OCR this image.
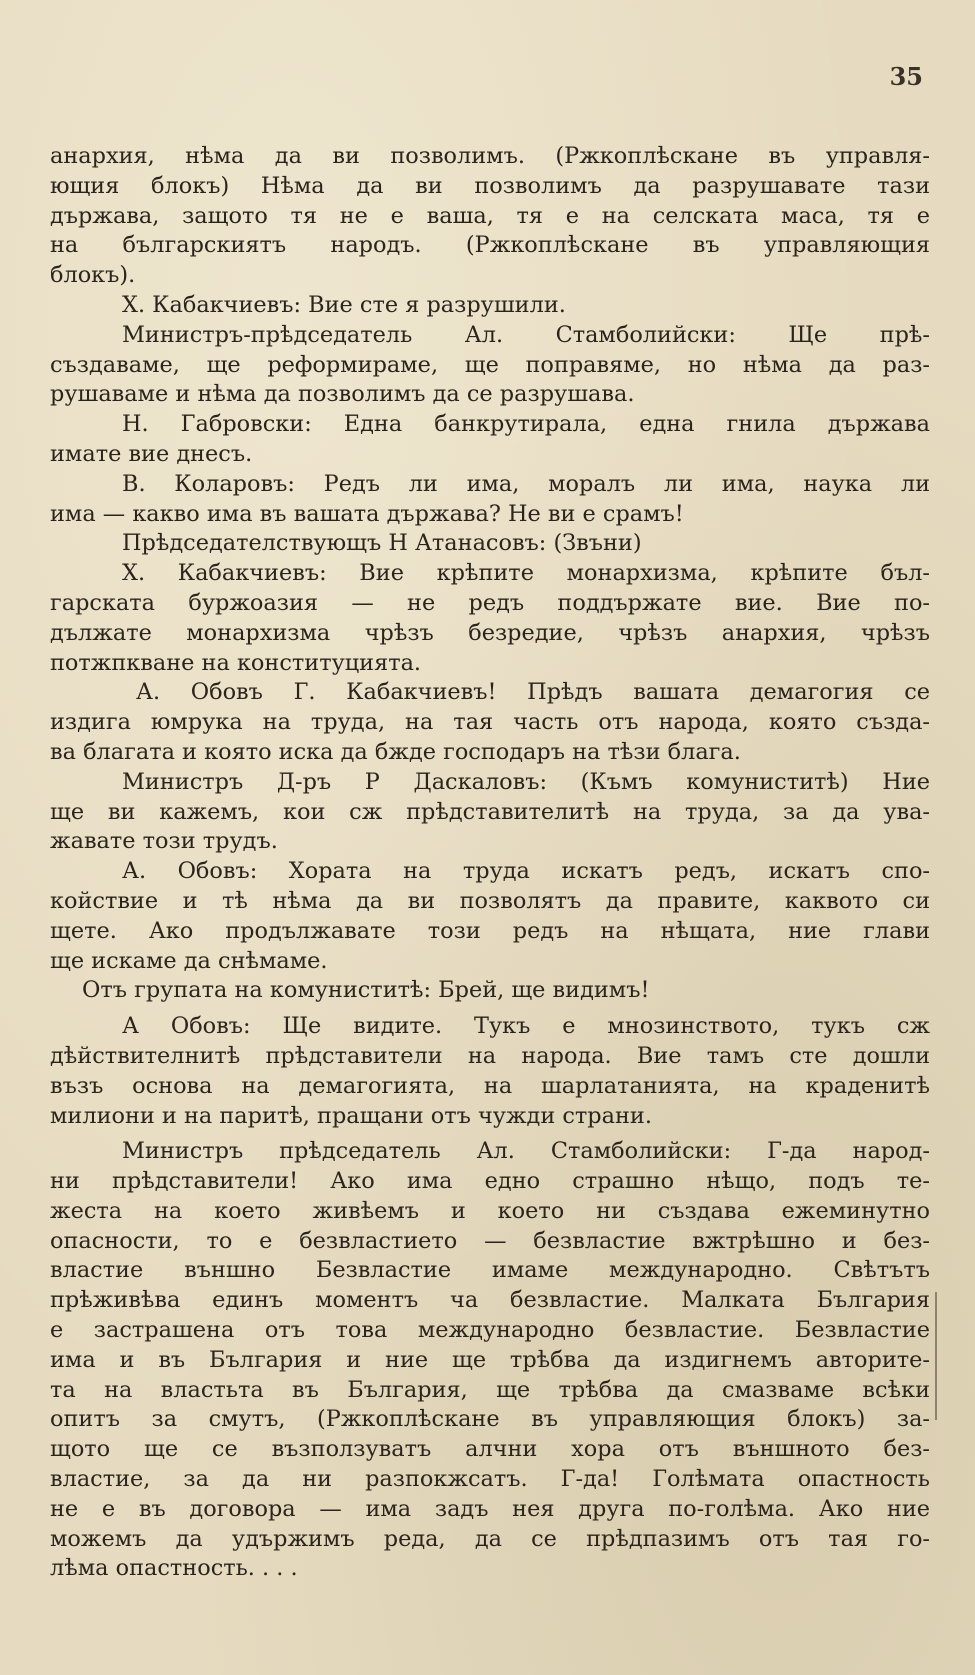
35
анархия, нѣма да ви позволимъ. (Ржкоплѣскане въ управля-
ющия блокъ) Нѣма да ви позволимъ да разрушавате тази
държава, защото тя не е ваша, тя е на селската маса, тя е
на българскиятъ народъ. (Ржкоплѣскане въ управляющия
блокъ).
Х. Кабакчиевъ: Вие сте я разрушили.
Министръ-прѣдседатель Ал. Стамболийски: Ще прѣ-
създаваме, ще реформираме, ще поправяме, но нѣма да раз-
рушаваме и нѣма да позволимъ да се разрушава.
Н. Габровски: Една банкрутирала, една гнила държава
имате вие днесъ.
В. Коларовъ: Редъ ли има, моралъ ли има, наука ли
има — какво има въ вашата държава? Не ви е срамъ!
Прѣдседателствующъ Н Атанасовъ: (Звъни)
Х. Кабакчиевъ: Вие крѣпите монархизма, крѣпите бъл-
гарската буржоазия — не редъ поддържате вие. Вие по-
дължате монархизма чрѣзъ безредие, чрѣзъ анархия, чрѣзъ
потжпкване на конституцията.
А. Обовъ Г. Кабакчиевъ! Прѣдъ вашата демагогия се
издига юмрука на труда, на тая часть отъ народа, която създа-
ва благата и която иска да бжде господаръ на тѣзи блага.
Министръ Д-ръ Р Даскаловъ: (Къмъ комуниститѣ) Ние
ще ви кажемъ, кои сж прѣдставителитѣ на труда, за да ува-
жавате този трудъ.
А. Обовъ: Хората на труда искатъ редъ, искатъ спо-
койствие и тѣ нѣма да ви позволятъ да правите, каквото си
щете. Ако продължавате този редъ на нѣщата, ние глави
ще искаме да снѣмаме.
Отъ групата на комуниститѣ: Брей, ще видимъ!
А Обовъ: Ще видите. Тукъ е мнозинството, тукъ сж
дѣйствителнитѣ прѣдставители на народа. Вие тамъ сте дошли
възъ основа на демагогията, на шарлатанията, на краденитѣ
милиони и на паритѣ, пращани отъ чужди страни.
Министръ прѣдседатель Ал. Стамболийски: Г-да народ-
ни прѣдставители! Ако има едно страшно нѣщо, подъ те-
жеста на което живѣемъ и което ни създава ежеминутно
опасности, то е безвластието — безвластие вжтрѣшно и без-
властие външно Безвластие имаме международно. Свѣтътъ
прѣживѣва единъ моментъ ча безвластие. Малката България
е застрашена отъ това международно безвластие. Безвластие
има и въ България и ние ще трѣбва да издигнемъ авторите-
та на властьта въ България, ще трѣбва да смазваме всѣки
опитъ за смутъ, (Ржкоплѣскане въ управляющия блокъ) за-
щото ще се възползуватъ алчни хора отъ външното без-
властие, за да ни разпокжсатъ. Г-да! Голѣмата опастность
не е въ договора — има задъ нея друга по-голѣма. Ако ние
можемъ да удържимъ реда, да се прѣдпазимъ отъ тая го-
лѣма опастность. . . .
